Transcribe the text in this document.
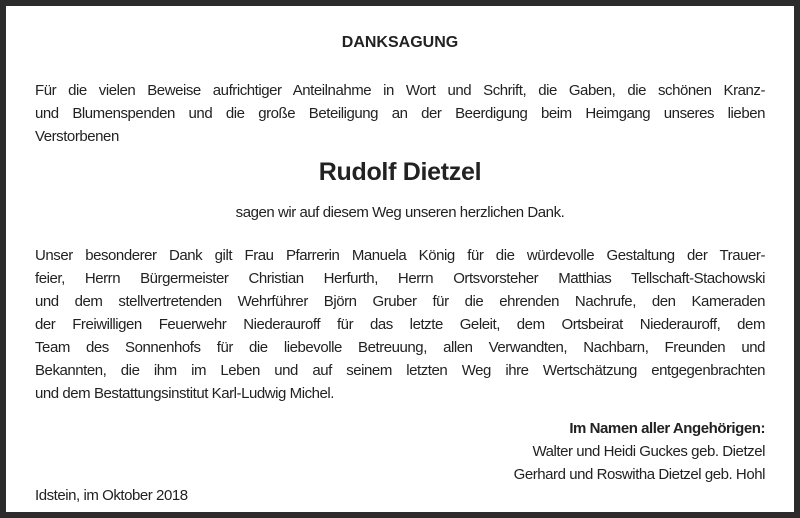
DANKSAGUNG
Für die vielen Beweise aufrichtiger Anteilnahme in Wort und Schrift, die Gaben, die schönen Kranz-
und Blumenspenden und die große Beteiligung an der Beerdigung beim Heimgang unseres lieben
Verstorbenen
Rudolf Dietzel
sagen wir auf diesem Weg unseren herzlichen Dank.
Unser besonderer Dank gilt Frau Pfarrerin Manuela König für die würdevolle Gestaltung der Trauer-
feier, Herrn Bürgermeister Christian Herfurth, Herrn Ortsvorsteher Matthias Tellschaft-Stachowski
und dem stellvertretenden Wehrführer Björn Gruber für die ehrenden Nachrufe, den Kameraden
der Freiwilligen Feuerwehr Niederauroff für das letzte Geleit, dem Ortsbeirat Niederauroff, dem
Team des Sonnenhofs für die liebevolle Betreuung, allen Verwandten, Nachbarn, Freunden und
Bekannten, die ihm im Leben und auf seinem letzten Weg ihre Wertschätzung entgegenbrachten
und dem Bestattungsinstitut Karl-Ludwig Michel.
Im Namen aller Angehörigen:
Walter und Heidi Guckes geb. Dietzel
Gerhard und Roswitha Dietzel geb. Hohl
Idstein, im Oktober 2018
